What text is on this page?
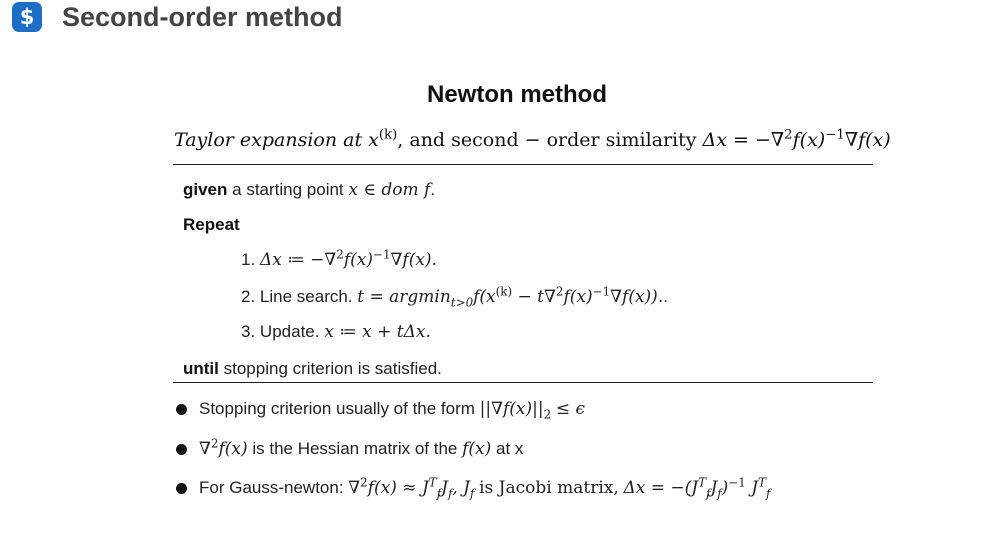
$ Second-order method
Newton method
Taylor expansion at $x^{(k)}$, and second − order similarity $\Delta x = -\nabla^2f(x)^{-1}\nabla f(x)$
given a starting point x ∈ dom f.
Repeat
1. Δx ≔ $-\nabla^2f(x)^{-1}\nabla f(x)$.
2. Line search. $t = argmin_{t>0}f(x^{(k)} - t\nabla^2f(x)^{-1}\nabla f(x))$..
3. Update. x ≔ x + tΔx.
until stopping criterion is satisfied.
Stopping criterion usually of the form $||\nabla f(x)||_2 \le \epsilon$
∇$^2$f(x) is the Hessian matrix of the f(x) at x
For Gauss-newton: $\nabla^2f(x) \approx J^T_fJ_f$, $J_f$ is Jacobi matrix, $\Delta x = -(J^T_fJ_f)^{-1}$ $J^T_f$
